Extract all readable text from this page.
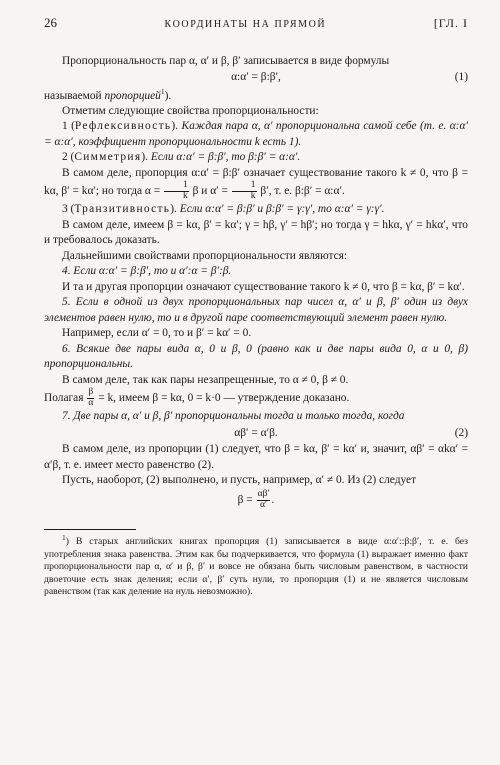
26	КООРДИНАТЫ НА ПРЯМОЙ	[ГЛ. I

Пропорциональность пар α, α′ и β, β′ записывается в виде формулы

α:α′ = β:β′,	(1)

называемой пропорцией$^1$).

Отметим следующие свойства пропорциональности:

1 (Рефлексивность). Каждая пара α, α′ пропорциональна самой себе (т. е. α:α′ = α:α′, коэффициент пропорциональности k есть 1).

2 (Симметрия). Если α:α′ = β:β′, то β:β′ = α:α′.

В самом деле, пропорция α:α′ = β:β′ означает существование такого k ≠ 0, что β = kα, β′ = kα′; но тогда $\alpha = \frac{1}{k}$ β и $\alpha' = \frac{1}{k} \beta'$, т. е. β:β′ = α:α′.

3 (Транзитивность). Если α:α′ = β:β′ и β:β′ = γ:γ′, то α:α′ = γ:γ′.

В самом деле, имеем β = kα, β′ = kα′; γ = hβ, γ′ = hβ′; но тогда γ = hkα, γ′ = hkα′, что и требовалось доказать.

Дальнейшими свойствами пропорциональности являются:

4. Если α:α′ = β:β′, то и α′:α = β′:β.

И та и другая пропорции означают существование такого k ≠ 0, что β = kα, β′ = kα′.

5. Если в одной из двух пропорциональных пар чисел α, α′ и β, β′ один из двух элементов равен нулю, то и в другой паре соответствующий элемент равен нулю.

Например, если α′ = 0, то и β′ = kα′ = 0.

6. Всякие две пары вида α, 0 и β, 0 (равно как и две пары вида 0, α и 0, β) пропорциональны.

В самом деле, так как пары незапрещенные, то α ≠ 0, β ≠ 0.

Полагая $\frac{\beta}{\alpha} = k$, имеем β = kα, 0 = k·0 — утверждение доказано.

7. Две пары α, α′ и β, β′ пропорциональны тогда и только тогда, когда

αβ′ = α′β.	(2)

В самом деле, из пропорции (1) следует, что β = kα, β′ = kα′ и, значит, αβ′ = αkα′ = α′β, т. е. имеет место равенство (2).

Пусть, наоборот, (2) выполнено, и пусть, например, α′ ≠ 0. Из (2) следует

$\beta = \frac{\alpha\beta'}{\alpha'}$ .

$^1$) В старых английских книгах пропорция (1) записывается в виде α:α′::β:β′, т. е. без употребления знака равенства. Этим как бы подчеркивается, что формула (1) выражает именно факт пропорциональности пар α, α′ и β, β′ и вовсе не обязана быть числовым равенством, в частности двоеточие есть знак деления; если α′, β′ суть нули, то пропорция (1) и не является числовым равенством (так как деление на нуль невозможно).
